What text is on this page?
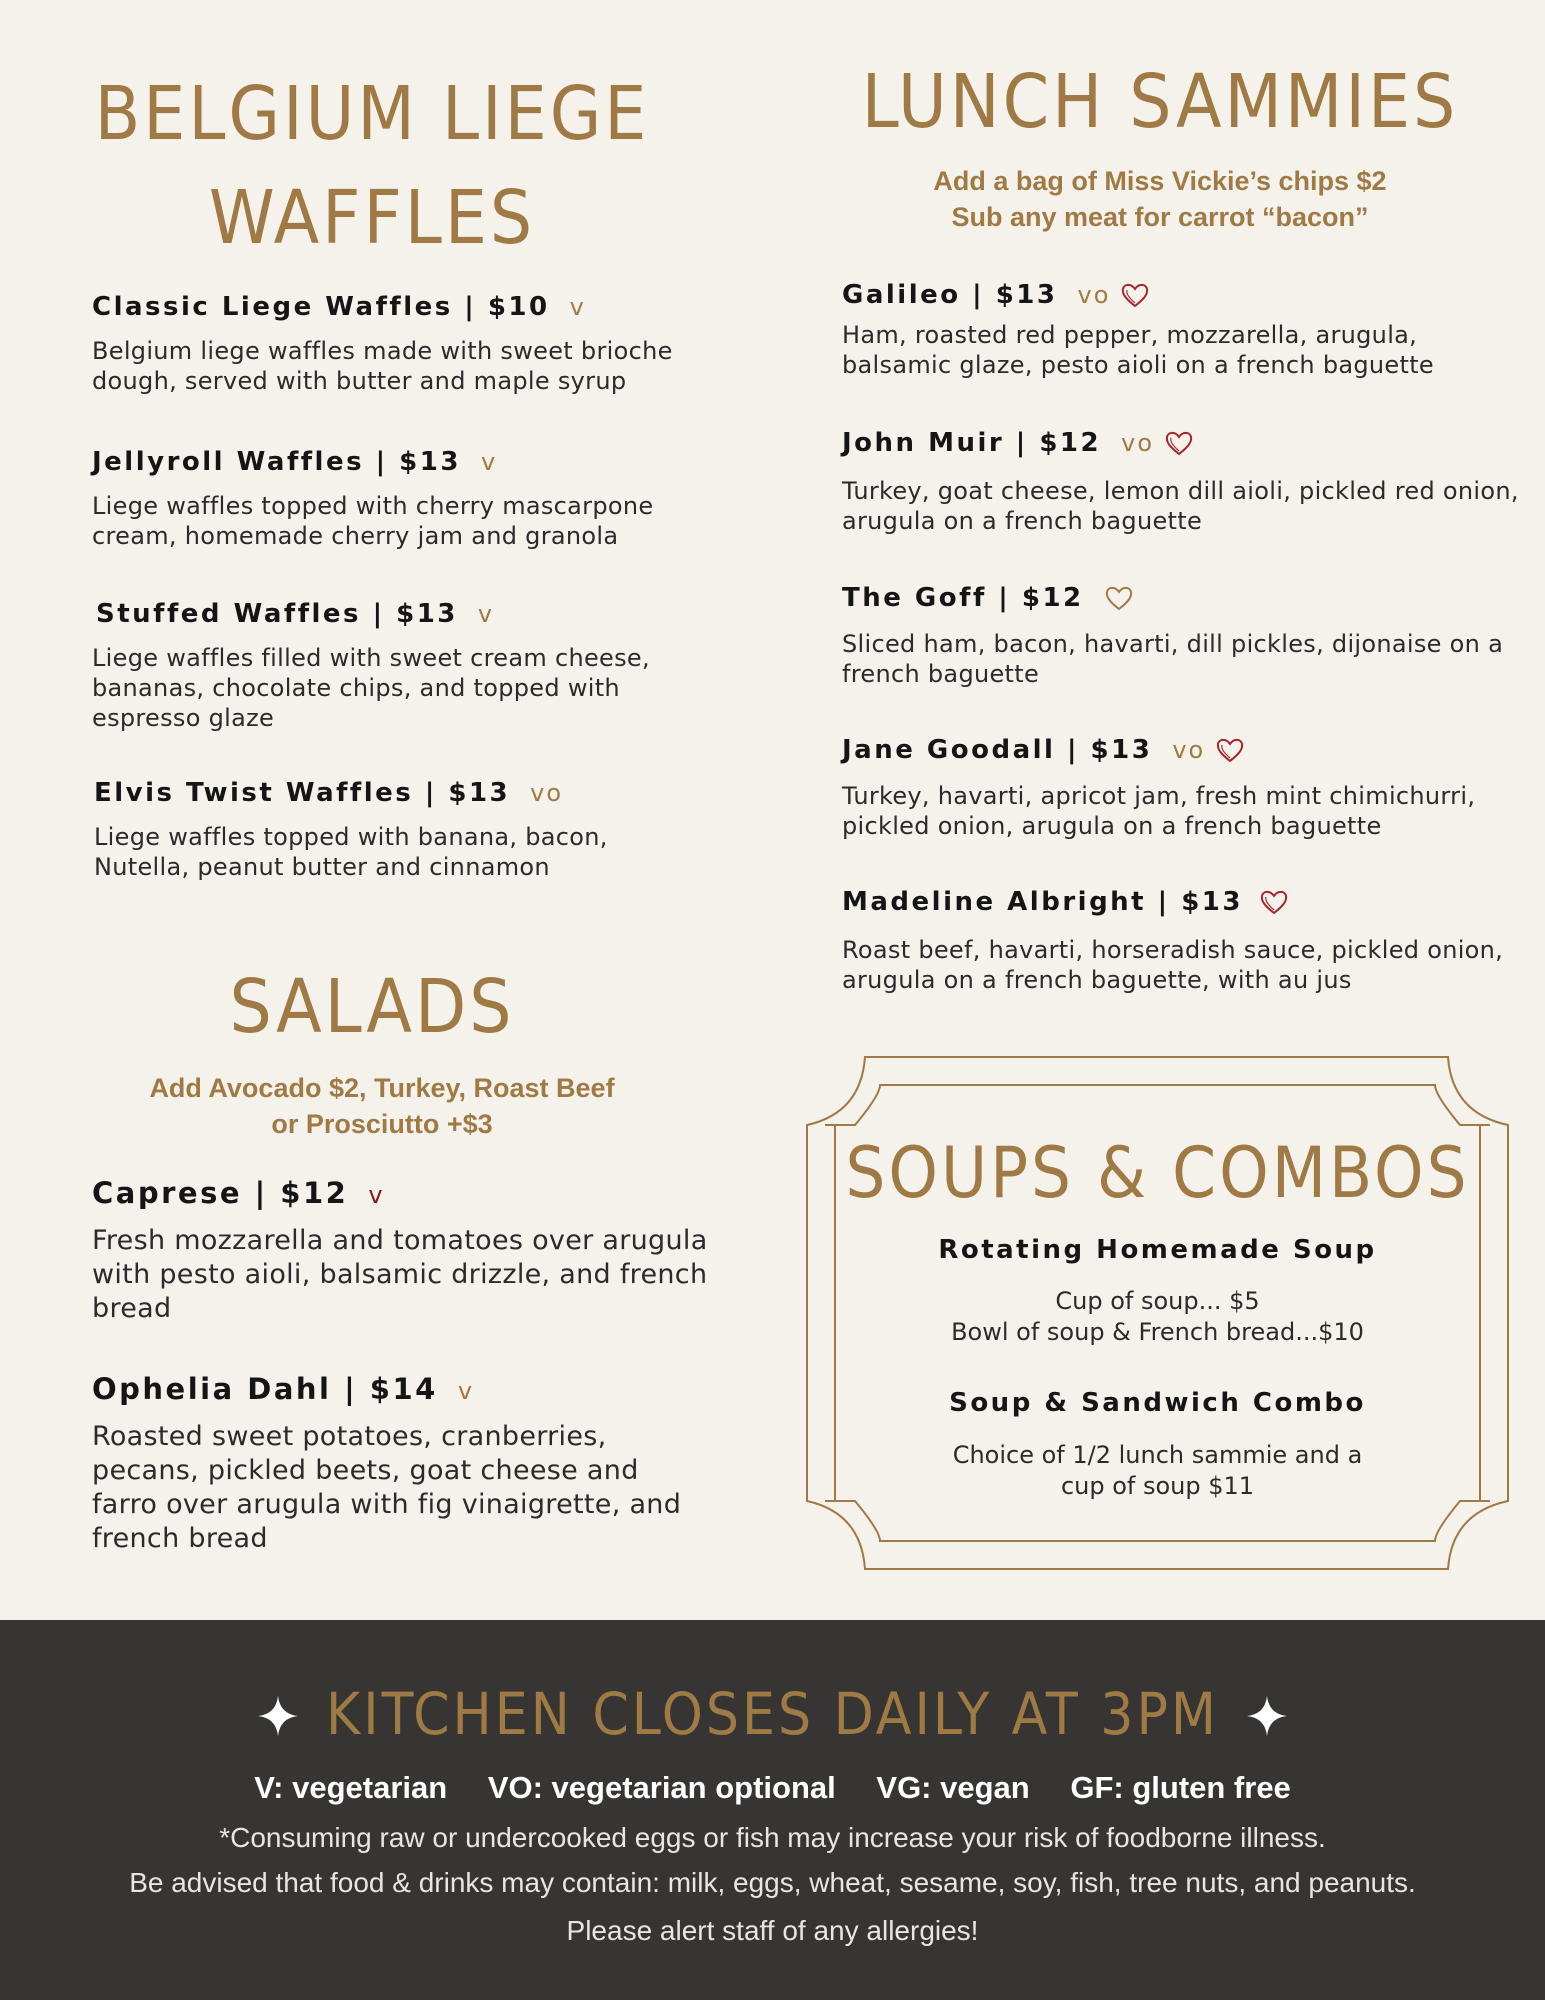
BELGIUM LIEGE
WAFFLES
Classic Liege Waffles | $10 v
Belgium liege waffles made with sweet brioche dough, served with butter and maple syrup
Jellyroll Waffles | $13 v
Liege waffles topped with cherry mascarpone cream, homemade cherry jam and granola
Stuffed Waffles | $13 v
Liege waffles filled with sweet cream cheese, bananas, chocolate chips, and topped with espresso glaze
Elvis Twist Waffles | $13 vo
Liege waffles topped with banana, bacon, Nutella, peanut butter and cinnamon
SALADS
Add Avocado $2, Turkey, Roast Beef
or Prosciutto +$3
Caprese | $12 v
Fresh mozzarella and tomatoes over arugula with pesto aioli, balsamic drizzle, and french bread
Ophelia Dahl | $14 v
Roasted sweet potatoes, cranberries, pecans, pickled beets, goat cheese and farro over arugula with fig vinaigrette, and french bread
LUNCH SAMMIES
Add a bag of Miss Vickie’s chips $2
Sub any meat for carrot “bacon”
Galileo | $13 vo
Ham, roasted red pepper, mozzarella, arugula, balsamic glaze, pesto aioli on a french baguette
John Muir | $12 vo
Turkey, goat cheese, lemon dill aioli, pickled red onion, arugula on a french baguette
The Goff | $12
Sliced ham, bacon, havarti, dill pickles, dijonaise on a french baguette
Jane Goodall | $13 vo
Turkey, havarti, apricot jam, fresh mint chimichurri, pickled onion, arugula on a french baguette
Madeline Albright | $13
Roast beef, havarti, horseradish sauce, pickled onion, arugula on a french baguette, with au jus
SOUPS & COMBOS
Rotating Homemade Soup
Cup of soup... $5
Bowl of soup & French bread...$10
Soup & Sandwich Combo
Choice of 1/2 lunch sammie and a
cup of soup $11
KITCHEN CLOSES DAILY AT 3PM
V: vegetarian VO: vegetarian optional VG: vegan GF: gluten free
*Consuming raw or undercooked eggs or fish may increase your risk of foodborne illness.
Be advised that food & drinks may contain: milk, eggs, wheat, sesame, soy, fish, tree nuts, and peanuts.
Please alert staff of any allergies!
